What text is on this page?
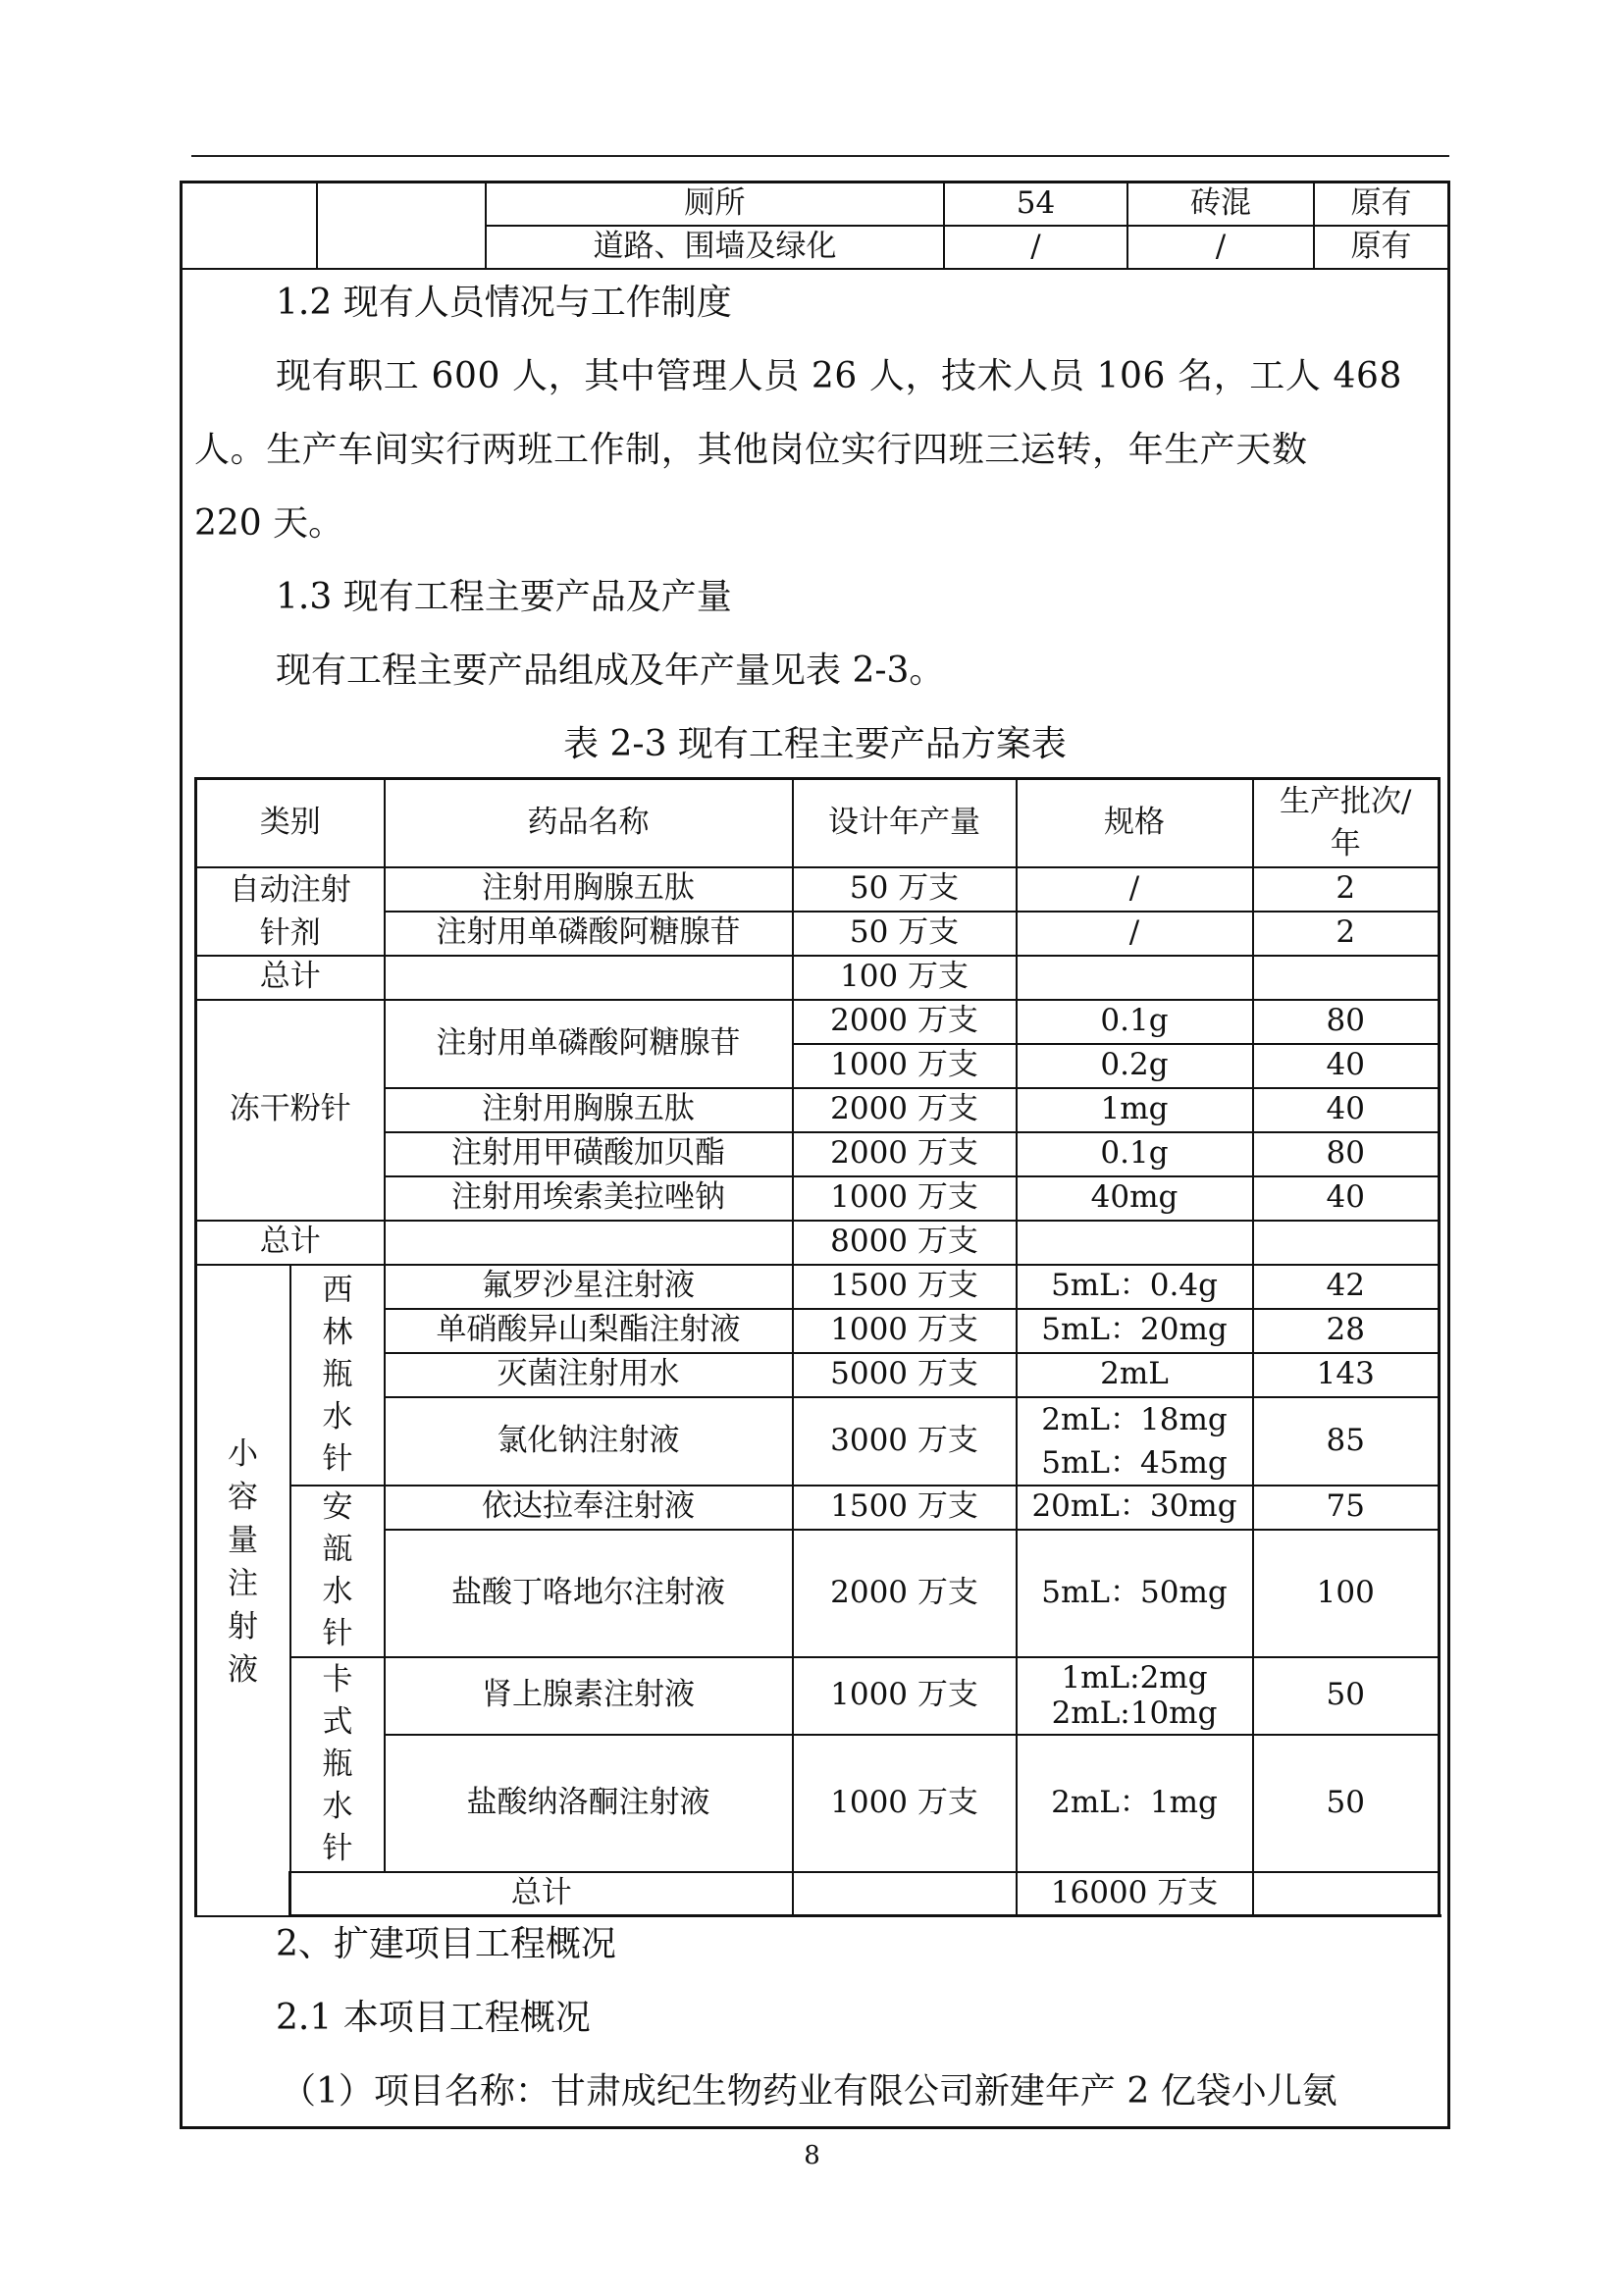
		厕所	54	砖混	原有
		道路、围墙及绿化	/	/	原有
1.2 现有人员情况与工作制度
现有职工 600 人，其中管理人员 26 人，技术人员 106 名，工人 468
人。生产车间实行两班工作制，其他岗位实行四班三运转，年生产天数
220 天。
1.3 现有工程主要产品及产量
现有工程主要产品组成及年产量见表 2-3。
表 2-3 现有工程主要产品方案表
类别		药品名称	设计年产量	规格	生产批次/年	
自动注射针剂		注射用胸腺五肽	50 万支	/	2	
		注射用单磷酸阿糖腺苷	50 万支	/	2	
总计			100 万支			
冻干粉针		注射用单磷酸阿糖腺苷	2000 万支	0.1g	80	
			1000 万支	0.2g	40	
		注射用胸腺五肽	2000 万支	1mg	40	
		注射用甲磺酸加贝酯	2000 万支	0.1g	80	
		注射用埃索美拉唑钠	1000 万支	40mg	40	
总计			8000 万支			
小容量注射液	西林瓶水针	氟罗沙星注射液	1500 万支	5mL：0.4g	42	
		单硝酸异山梨酯注射液	1000 万支	5mL：20mg	28	
		灭菌注射用水	5000 万支	2mL	143	
		氯化钠注射液	3000 万支	2mL：18mg
5mL：45mg	85	
	安瓿水针	依达拉奉注射液	1500 万支	20mL：30mg	75	
		盐酸丁咯地尔注射液	2000 万支	5mL：50mg	100	
	卡式瓶水针	肾上腺素注射液	1000 万支	1mL:2mg
2mL:10mg	50	
		盐酸纳洛酮注射液	1000 万支	2mL：1mg	50	
	总计			16000 万支		
2、扩建项目工程概况
2.1 本项目工程概况
（1）项目名称：甘肃成纪生物药业有限公司新建年产 2 亿袋小儿氨
8
